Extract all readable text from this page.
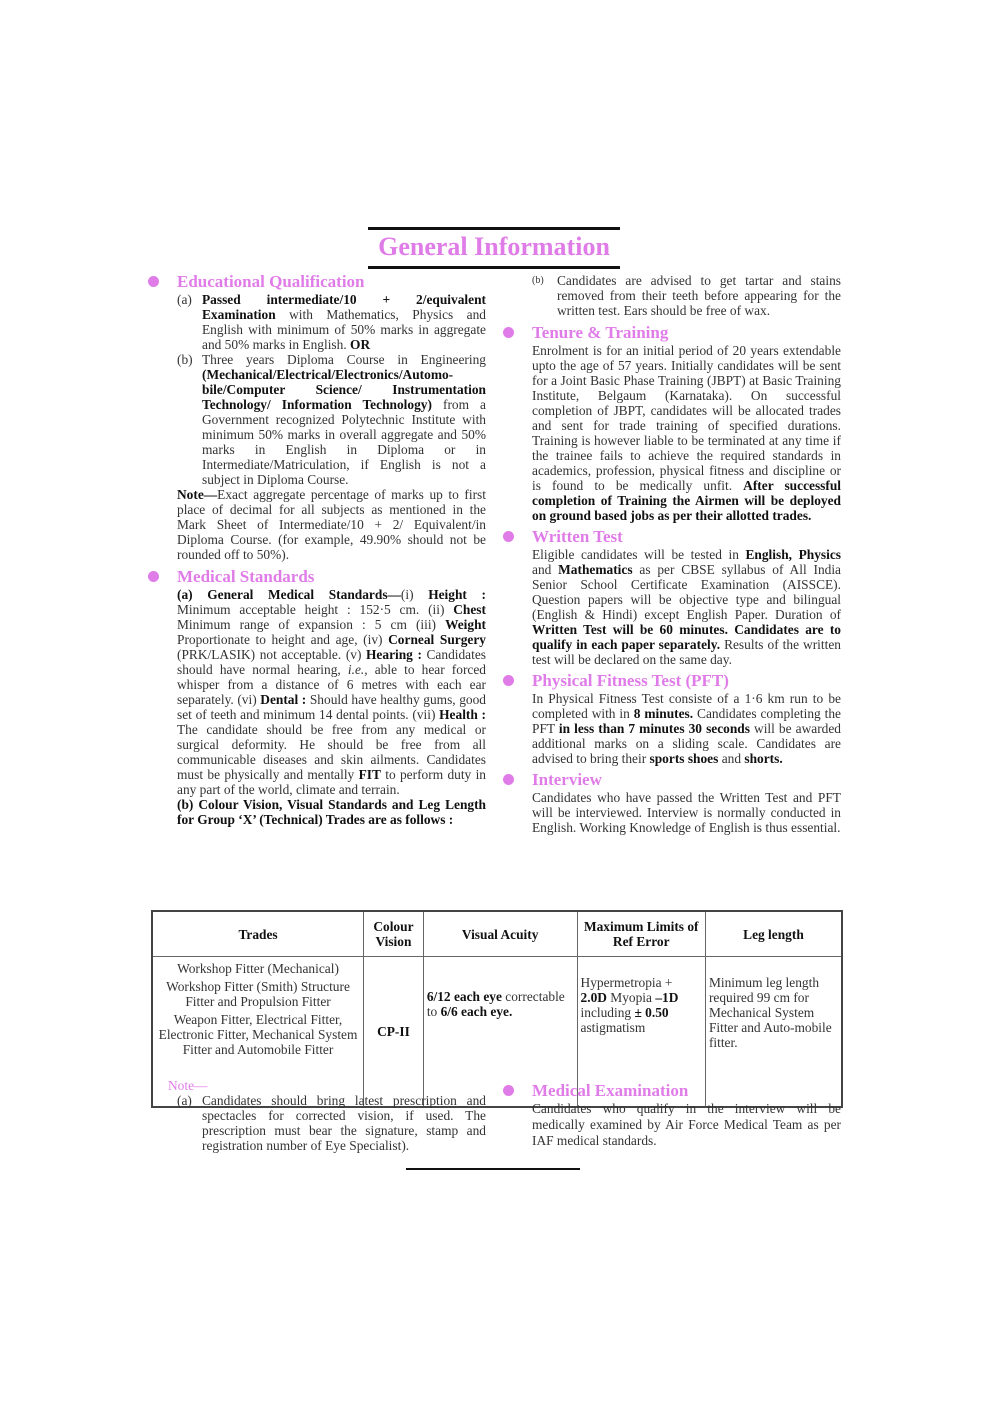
General Information
Educational Qualification
(a) Passed intermediate/10 + 2/equivalent Examination with Mathematics, Physics and English with minimum of 50% marks in aggregate and 50% marks in English. OR
(b) Three years Diploma Course in Engineering (Mechanical/Electrical/Electronics/Automo-bile/Computer Science/ Instrumentation Technology/ Information Technology) from a Government recognized Polytechnic Institute with minimum 50% marks in overall aggregate and 50% marks in English in Diploma or in Intermediate/Matriculation, if English is not a subject in Diploma Course.
Note—Exact aggregate percentage of marks up to first place of decimal for all subjects as mentioned in the Mark Sheet of Intermediate/10 + 2/ Equivalent/in Diploma Course. (for example, 49.90% should not be rounded off to 50%).
Medical Standards
(a) General Medical Standards—(i) Height : Minimum acceptable height : 152·5 cm. (ii) Chest Minimum range of expansion : 5 cm (iii) Weight Proportionate to height and age, (iv) Corneal Surgery (PRK/LASIK) not acceptable. (v) Hearing : Candidates should have normal hearing, i.e., able to hear forced whisper from a distance of 6 metres with each ear separately. (vi) Dental : Should have healthy gums, good set of teeth and minimum 14 dental points. (vii) Health : The candidate should be free from any medical or surgical deformity. He should be free from all communicable diseases and skin ailments. Candidates must be physically and mentally FIT to perform duty in any part of the world, climate and terrain.
(b) Colour Vision, Visual Standards and Leg Length for Group ‘X’ (Technical) Trades are as follows :
(b) Candidates are advised to get tartar and stains removed from their teeth before appearing for the written test. Ears should be free of wax.
Tenure & Training
Enrolment is for an initial period of 20 years extendable upto the age of 57 years. Initially candidates will be sent for a Joint Basic Phase Training (JBPT) at Basic Training Institute, Belgaum (Karnataka). On successful completion of JBPT, candidates will be allocated trades and sent for trade training of specified durations. Training is however liable to be terminated at any time if the trainee fails to achieve the required standards in academics, profession, physical fitness and discipline or is found to be medically unfit. After successful completion of Training the Airmen will be deployed on ground based jobs as per their allotted trades.
Written Test
Eligible candidates will be tested in English, Physics and Mathematics as per CBSE syllabus of All India Senior School Certificate Examination (AISSCE). Question papers will be objective type and bilingual (English & Hindi) except English Paper. Duration of Written Test will be 60 minutes. Candidates are to qualify in each paper separately. Results of the written test will be declared on the same day.
Physical Fitness Test (PFT)
In Physical Fitness Test consiste of a 1·6 km run to be completed with in 8 minutes. Candidates completing the PFT in less than 7 minutes 30 seconds will be awarded additional marks on a sliding scale. Candidates are advised to bring their sports shoes and shorts.
Interview
Candidates who have passed the Written Test and PFT will be interviewed. Interview is normally conducted in English. Working Knowledge of English is thus essential.
Trades	Colour Vision	Visual Acuity	Maximum Limits of Ref Error	Leg length

Workshop Fitter (Mechanical)
Workshop Fitter (Smith) Structure Fitter and Propulsion Fitter
Weapon Fitter, Electrical Fitter, Electronic Fitter, Mechanical System Fitter and Automobile Fitter	CP-II	6/12 each eye correctable to 6/6 each eye.	Hypermetropia + 2.0D Myopia –1D including ± 0.50 astigmatism	Minimum leg length required 99 cm for Mechanical System Fitter and Auto-mobile fitter.
Note—
(a) Candidates should bring latest prescription and spectacles for corrected vision, if used. The prescription must bear the signature, stamp and registration number of Eye Specialist).
Medical Examination
Candidates who qualify in the interview will be medically examined by Air Force Medical Team as per IAF medical standards.
